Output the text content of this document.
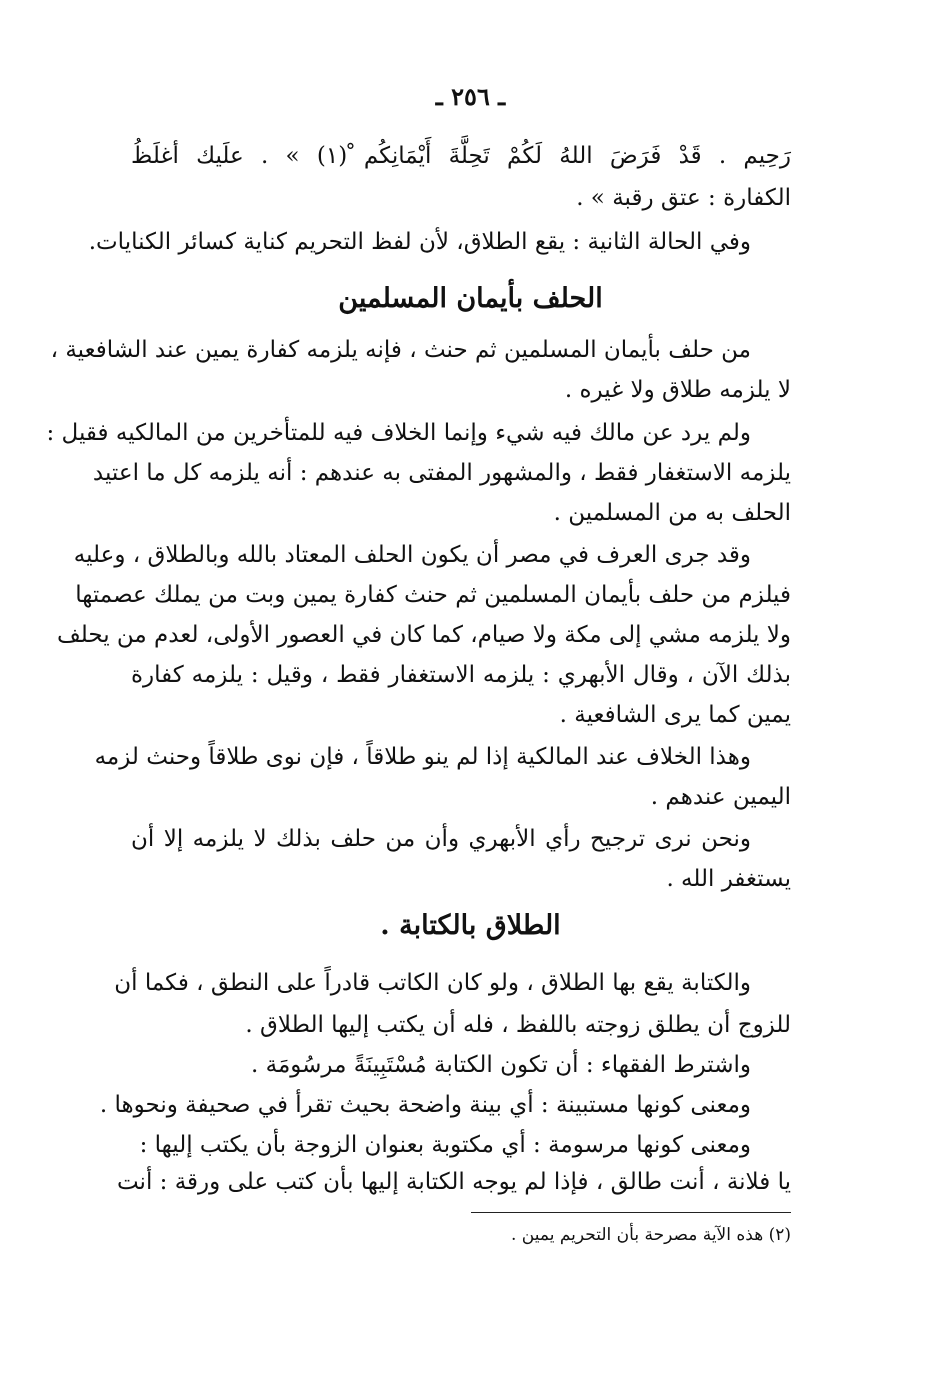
ـ ٢٥٦ ـ
رَحِيم . قَدْ فَرَضَ اللهُ لَكُمْ تَحِلَّةَ أَيْمَانِكُم ْ(١) » . علَيك أغلَظُ
الكفارة : عتق رقبة » .
وفي الحالة الثانية : يقع الطلاق، لأن لفظ التحريم كناية كسائر الكنايات.
من حلف بأيمان المسلمين ثم حنث ، فإنه يلزمه كفارة يمين عند الشافعية ،
لا يلزمه طلاق ولا غيره .
ولم يرد عن مالك فيه شيء وإنما الخلاف فيه للمتأخرين من المالكيه فقيل :
يلزمه الاستغفار فقط ، والمشهور المفتى به عندهم : أنه يلزمه كل ما اعتيد
الحلف به من المسلمين .
وقد جرى العرف في مصر أن يكون الحلف المعتاد بالله وبالطلاق ، وعليه
فيلزم من حلف بأيمان المسلمين ثم حنث كفارة يمين وبت من يملك عصمتها
ولا يلزمه مشي إلى مكة ولا صيام، كما كان في العصور الأولى، لعدم من يحلف
بذلك الآن ، وقال الأبهري : يلزمه الاستغفار فقط ، وقيل : يلزمه كفارة
يمين كما يرى الشافعية .
وهذا الخلاف عند المالكية إذا لم ينو طلاقاً ، فإن نوى طلاقاً وحنث لزمه
اليمين عندهم .
ونحن نرى ترجيح رأي الأبهري وأن من حلف بذلك لا يلزمه إلا أن
يستغفر الله .
والكتابة يقع بها الطلاق ، ولو كان الكاتب قادراً على النطق ، فكما أن
للزوج أن يطلق زوجته باللفظ ، فله أن يكتب إليها الطلاق .
واشترط الفقهاء : أن تكون الكتابة مُسْتَبِينَةً مرسُومَة .
ومعنى كونها مستبينة : أي بينة واضحة بحيث تقرأ في صحيفة ونحوها .
ومعنى كونها مرسومة : أي مكتوبة بعنوان الزوجة بأن يكتب إليها :
يا فلانة ، أنت طالق ، فإذا لم يوجه الكتابة إليها بأن كتب على ورقة : أنت
الحلف بأيمان المسلمين
الطلاق بالكتابة .
(٢) هذه الآية مصرحة بأن التحريم يمين .
